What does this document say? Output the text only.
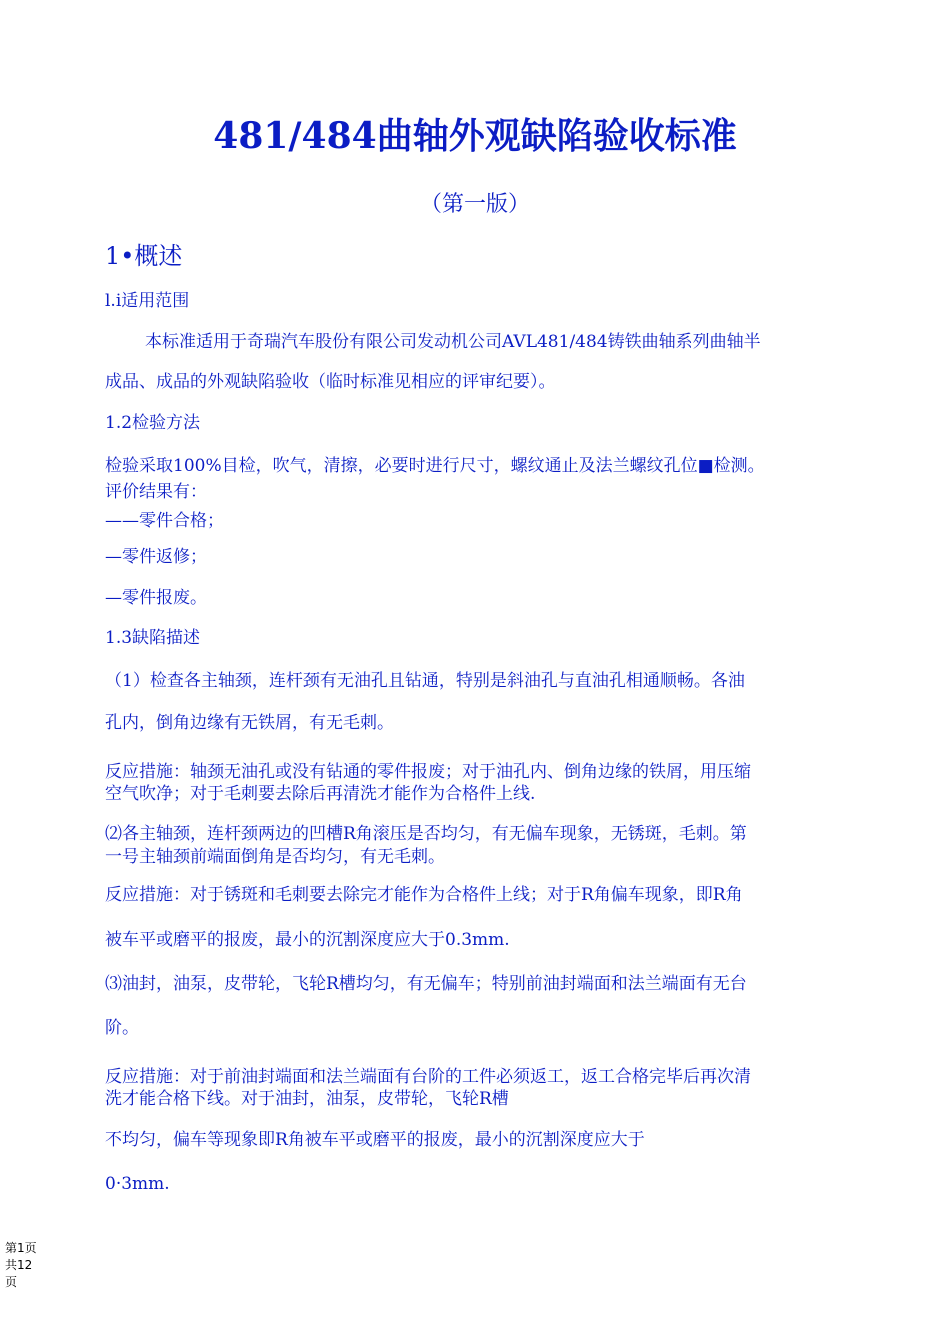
481/484曲轴外观缺陷验收标准
（第一版）
1•概述
l.i适用范围
本标准适用于奇瑞汽车股份有限公司发动机公司AVL481/484铸铁曲轴系列曲轴半
成品、成品的外观缺陷验收（临时标准见相应的评审纪要）。
1.2检验方法
检验采取100%目检，吹气，清擦，必要时进行尺寸，螺纹通止及法兰螺纹孔位■检测。
评价结果有：
——零件合格；
—零件返修；
—零件报废。
1.3缺陷描述
（1）检查各主轴颈，连杆颈有无油孔且钻通，特别是斜油孔与直油孔相通顺畅。各油
孔内，倒角边缘有无铁屑，有无毛刺。
反应措施：轴颈无油孔或没有钻通的零件报废；对于油孔内、倒角边缘的铁屑，用压缩
空气吹净；对于毛刺要去除后再清洗才能作为合格件上线.
⑵各主轴颈，连杆颈两边的凹槽R角滚压是否均匀，有无偏车现象，无锈斑，毛刺。第
一号主轴颈前端面倒角是否均匀，有无毛刺。
反应措施：对于锈斑和毛刺要去除完才能作为合格件上线；对于R角偏车现象，即R角
被车平或磨平的报废，最小的沉割深度应大于0.3mm.
⑶油封，油泵，皮带轮，飞轮R槽均匀，有无偏车；特别前油封端面和法兰端面有无台
阶。
反应措施：对于前油封端面和法兰端面有台阶的工件必须返工，返工合格完毕后再次清
洗才能合格下线。对于油封，油泵，皮带轮，飞轮R槽
不均匀，偏车等现象即R角被车平或磨平的报废，最小的沉割深度应大于
0·3mm.
第1页
共12
页
